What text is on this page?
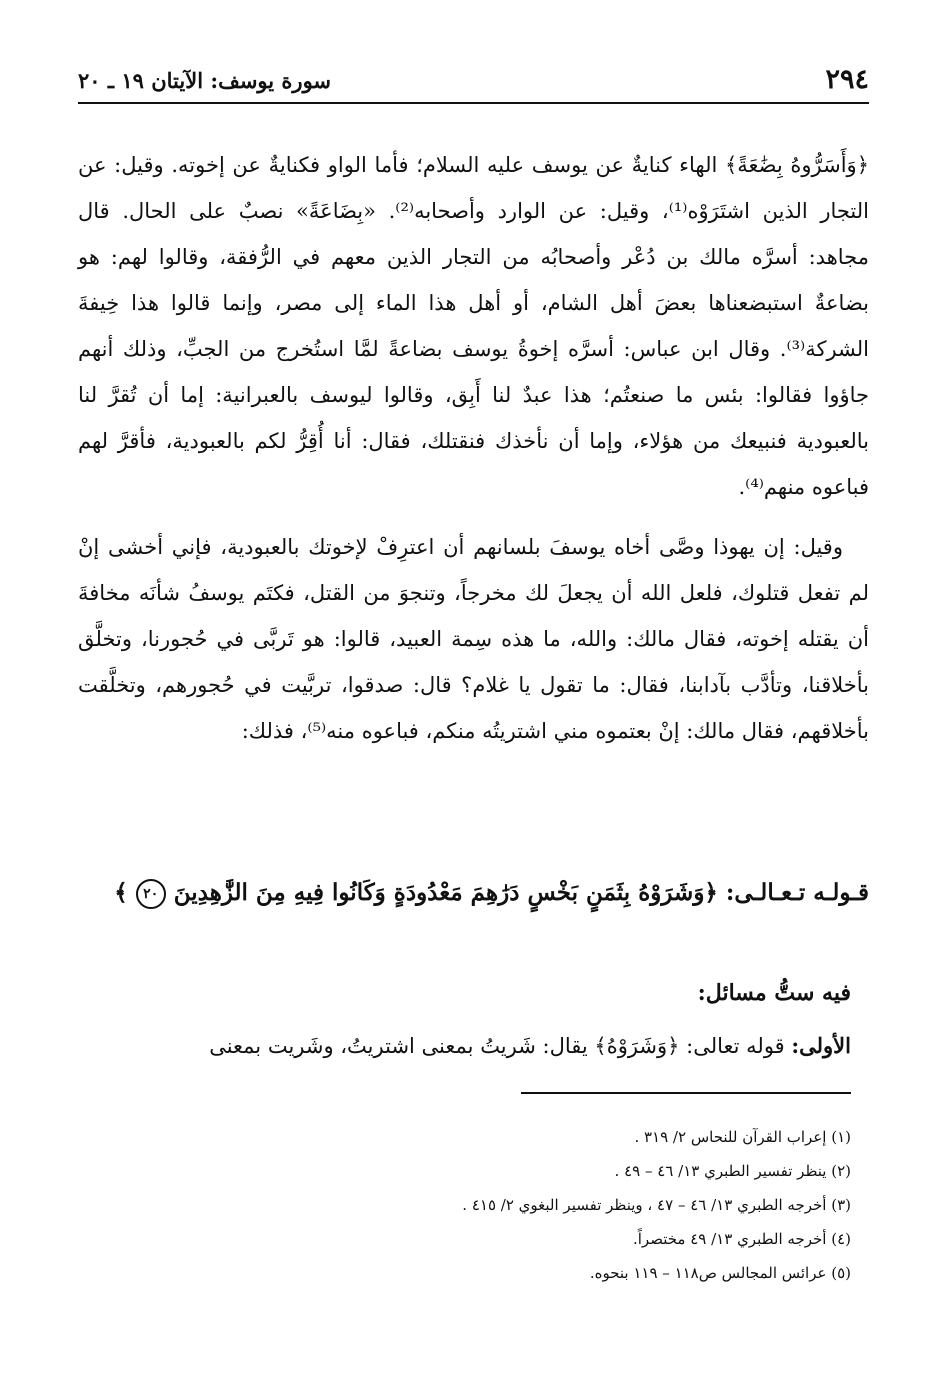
٢٩٤
سورة يوسف: الآيتان ١٩ ـ ٢٠

﴿وَأَسَرُّوهُ بِضَٰعَةً﴾ الهاء كنايةٌ عن يوسف عليه السلام؛ فأما الواو فكنايةٌ عن إخوته. وقيل: عن التجار الذين اشتَرَوْه⁽¹⁾، وقيل: عن الوارد وأصحابه⁽²⁾. «بِضَاعَةً» نصبٌ على الحال. قال مجاهد: أسرَّه مالك بن دُعْر وأصحابُه من التجار الذين معهم في الرُّفقة، وقالوا لهم: هو بضاعةٌ استبضعناها بعضَ أهل الشام، أو أهل هذا الماء إلى مصر، وإنما قالوا هذا خِيفةَ الشركة⁽³⁾. وقال ابن عباس: أسرَّه إخوةُ يوسف بضاعةً لمَّا استُخرج من الجبِّ، وذلك أنهم جاؤوا فقالوا: بئس ما صنعتُم؛ هذا عبدٌ لنا أَبِق، وقالوا ليوسف بالعبرانية: إما أن تُقرَّ لنا بالعبودية فنبيعك من هؤلاء، وإما أن نأخذك فنقتلك، فقال: أنا أُقِرُّ لكم بالعبودية، فأقرَّ لهم فباعوه منهم⁽⁴⁾.

وقيل: إن يهوذا وصَّى أخاه يوسفَ بلسانهم أن اعترِفْ لإخوتك بالعبودية، فإني أخشى إنْ لم تفعل قتلوك، فلعل الله أن يجعلَ لك مخرجاً، وتنجوَ من القتل، فكتَم يوسفُ شأنَه مخافةَ أن يقتله إخوته، فقال مالك: والله، ما هذه سِمة العبيد، قالوا: هو تَربَّى في حُجورنا، وتخلَّق بأخلاقنا، وتأدَّب بآدابنا، فقال: ما تقول يا غلام؟ قال: صدقوا، تربَّيت في حُجورهم، وتخلَّقت بأخلاقهم، فقال مالك: إنْ بعتموه مني اشتريتُه منكم، فباعوه منه⁽⁵⁾، فذلك:

قـولـه تـعـالـى: ﴿وَشَرَوْهُ بِثَمَنٍ بَخْسٍ دَرَٰهِمَ مَعْدُودَةٍ وَكَانُوا فِيهِ مِنَ الزَّٰهِدِينَ ٢٠ ﴾
فيه ستُّ مسائل:
الأولى: قوله تعالى: ﴿وَشَرَوْهُ﴾ يقال: شَريتُ بمعنى اشتريتُ، وشَريت بمعنى
(١) إعراب القرآن للنحاس ٢/ ٣١٩ .
(٢) ينظر تفسير الطبري ١٣/ ٤٦ – ٤٩ .
(٣) أخرجه الطبري ١٣/ ٤٦ – ٤٧ ، وينظر تفسير البغوي ٢/ ٤١٥ .
(٤) أخرجه الطبري ١٣/ ٤٩ مختصراً.
(٥) عرائس المجالس ص١١٨ – ١١٩ بنحوه.
